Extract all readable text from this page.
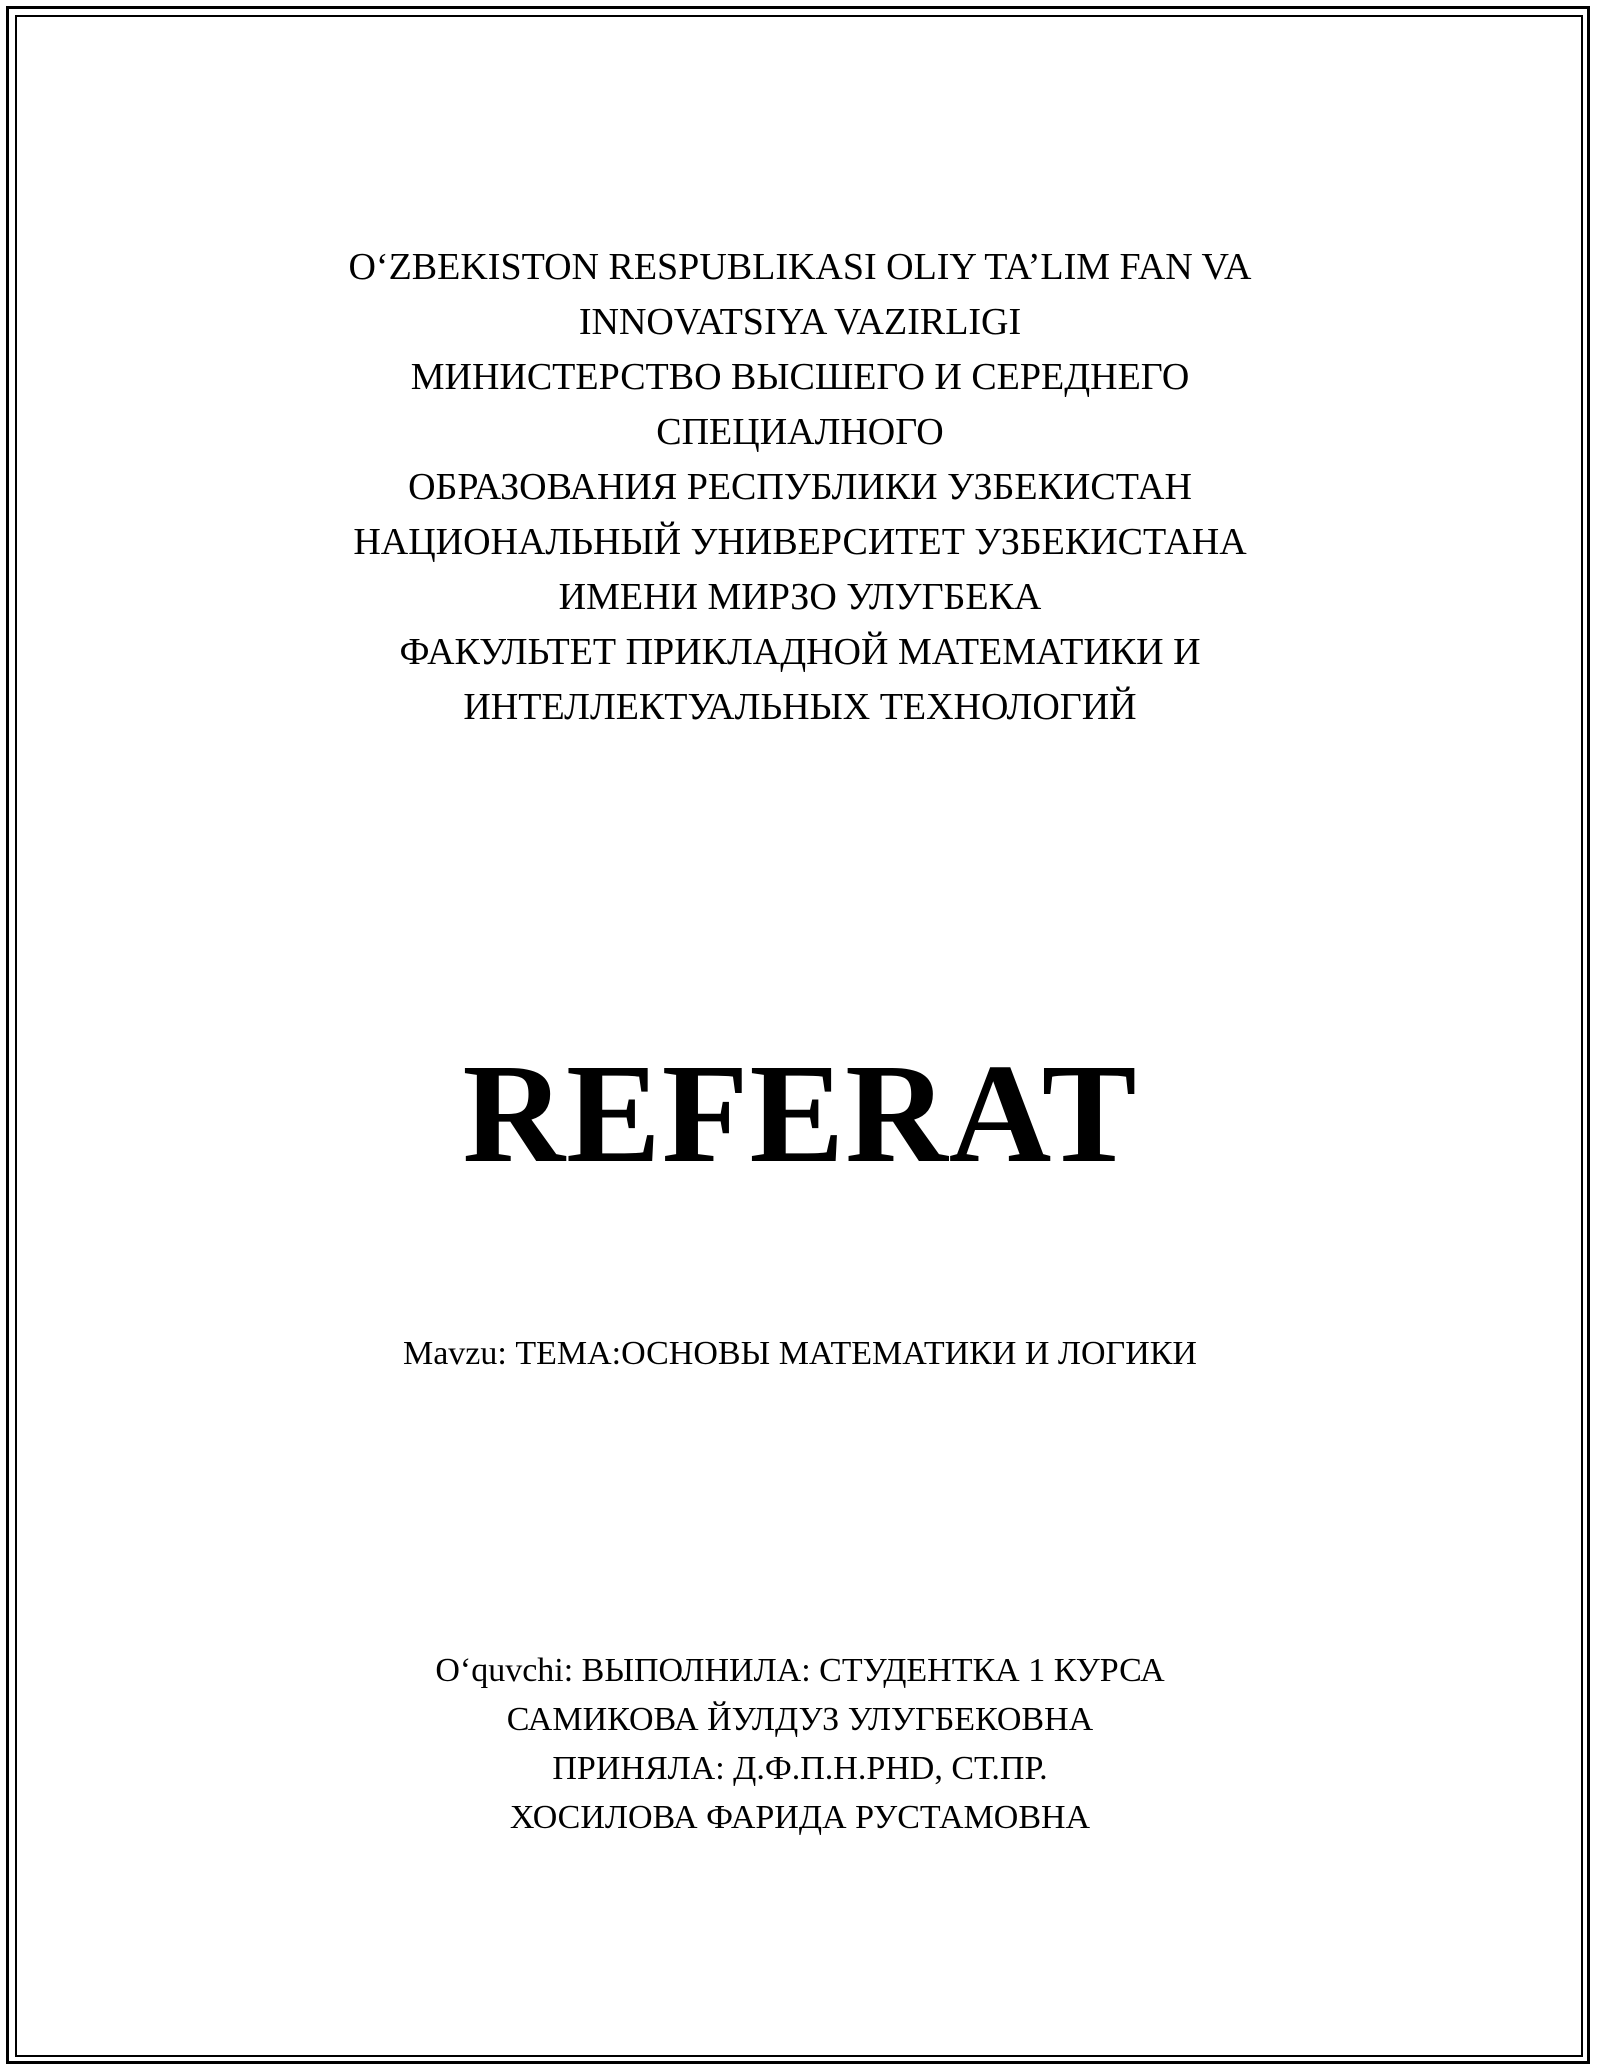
O‘ZBEKISTON RESPUBLIKASI OLIY TA’LIM FAN VA
INNOVATSIYA VAZIRLIGI
МИНИСТЕРСТВО ВЫСШЕГО И СЕРЕДНЕГО
СПЕЦИАЛНОГО
ОБРАЗОВАНИЯ РЕСПУБЛИКИ УЗБЕКИСТАН
НАЦИОНАЛЬНЫЙ УНИВЕРСИТЕТ УЗБЕКИСТАНА
ИМЕНИ МИРЗО УЛУГБЕКА
ФАКУЛЬТЕТ ПРИКЛАДНОЙ МАТЕМАТИКИ И
ИНТЕЛЛЕКТУАЛЬНЫХ ТЕХНОЛОГИЙ
REFERAT
Mavzu: ТЕМА:ОСНОВЫ МАТЕМАТИКИ И ЛОГИКИ
O‘quvchi: ВЫПОЛНИЛА: СТУДЕНТКА 1 КУРСА
САМИКОВА ЙУЛДУЗ УЛУГБЕКОВНА
ПРИНЯЛА: Д.Ф.П.Н.PHD, СТ.ПР.
ХОСИЛОВА ФАРИДА РУСТАМОВНА
